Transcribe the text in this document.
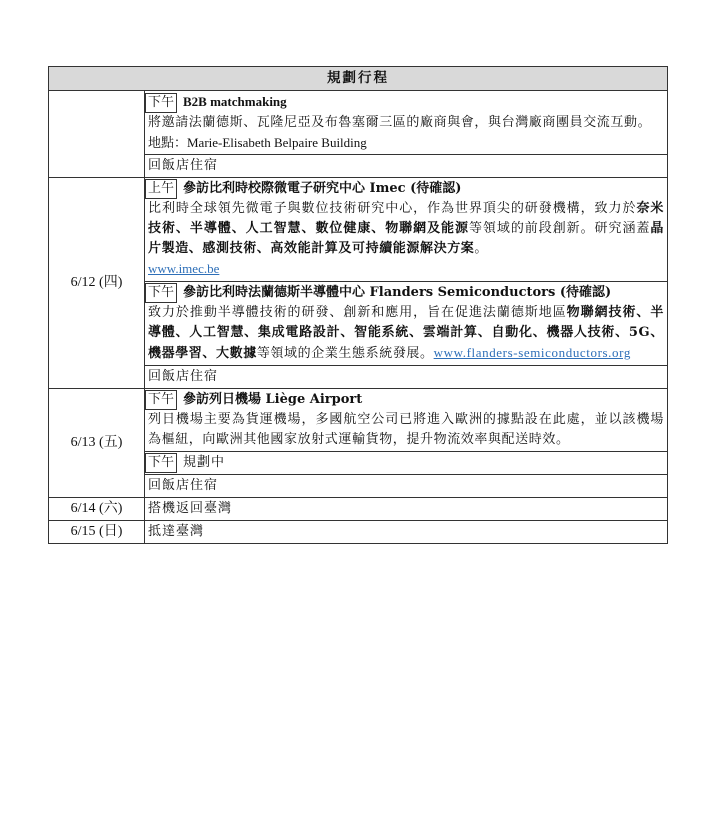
規劃行程	

	下午 B2B matchmaking
將邀請法蘭德斯、瓦隆尼亞及布魯塞爾三區的廠商與會，與台灣廠商團員交流互動。
地點：Marie-Elisabeth Belpaire Building

	回飯店住宿
6/12 (四)	上午 參訪比利時校際微電子研究中心 Imec (待確認)
比利時全球領先微電子與數位技術研究中心，作為世界頂尖的研發機構，致力於奈米技術、半導體、人工智慧、數位健康、物聯網及能源等領域的前段創新。研究涵蓋晶片製造、感測技術、高效能計算及可持續能源解決方案。
www.imec.be

	下午 參訪比利時法蘭德斯半導體中心 Flanders Semiconductors (待確認)
致力於推動半導體技術的研發、創新和應用，旨在促進法蘭德斯地區物聯網技術、半導體、人工智慧、集成電路設計、智能系統、雲端計算、自動化、機器人技術、5G、機器學習、大數據等領域的企業生態系統發展。www.flanders-semiconductors.org

	回飯店住宿
6/13 (五)	下午 參訪列日機場 Liège Airport
列日機場主要為貨運機場，多國航空公司已將進入歐洲的據點設在此處，並以該機場為樞紐，向歐洲其他國家放射式運輸貨物，提升物流效率與配送時效。

	下午 規劃中
	回飯店住宿
6/14 (六)	搭機返回臺灣
6/15 (日)	抵達臺灣
